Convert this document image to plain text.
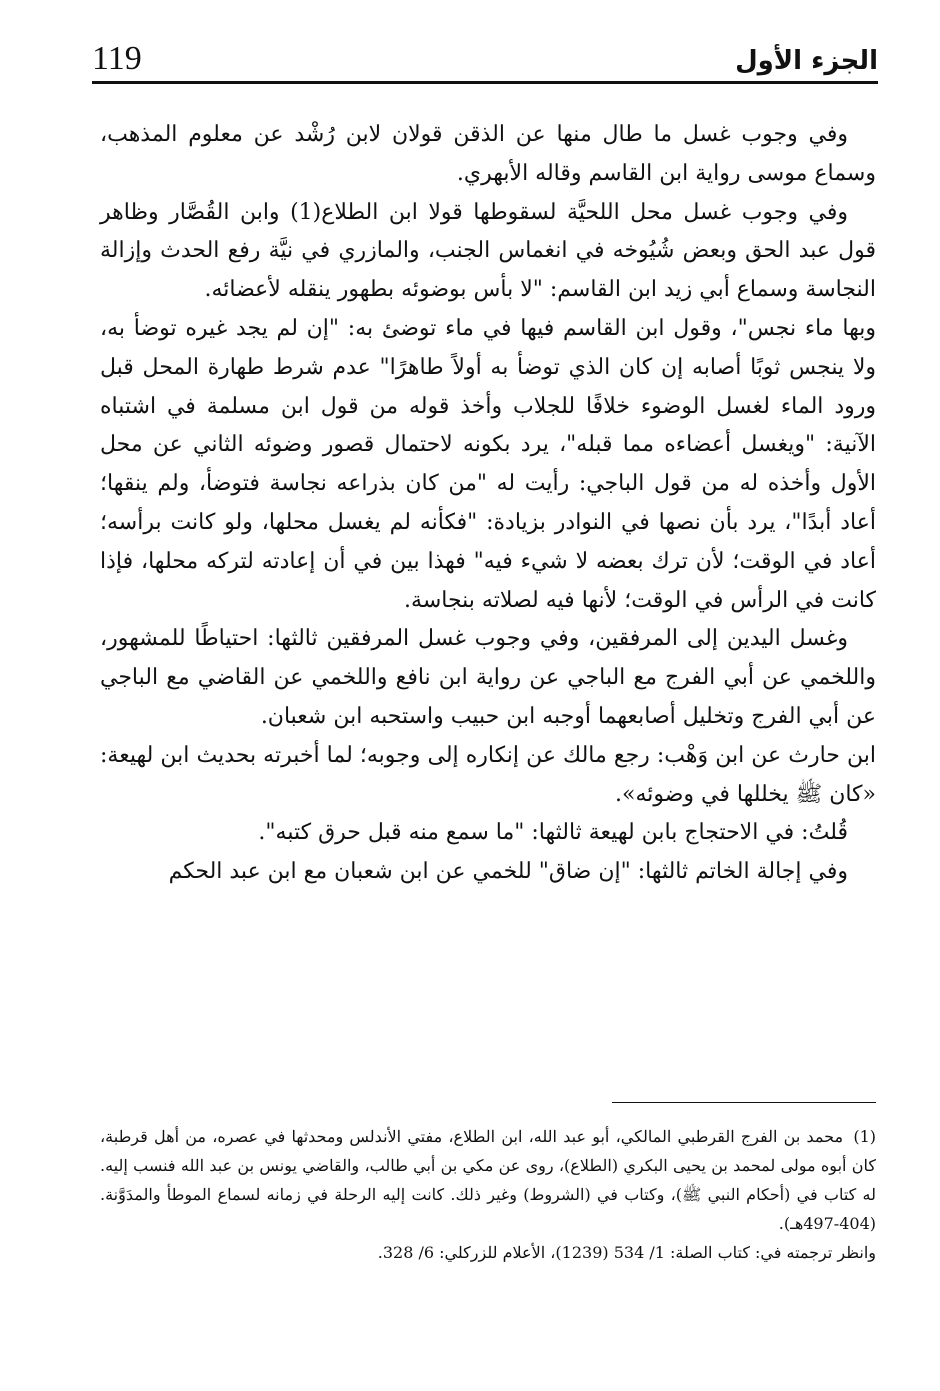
119	الجزء الأول

وفي وجوب غسل ما طال منها عن الذقن قولان لابن رُشْد عن معلوم المذهب، وسماع موسى رواية ابن القاسم وقاله الأبهري.

وفي وجوب غسل محل اللحيَّة لسقوطها قولا ابن الطلاع(1) وابن القُصَّار وظاهر قول عبد الحق وبعض شُيُوخه في انغماس الجنب، والمازري في نيَّة رفع الحدث وإزالة النجاسة وسماع أبي زيد ابن القاسم: "لا بأس بوضوئه بطهور ينقله لأعضائه.

وبها ماء نجس"، وقول ابن القاسم فيها في ماء توضئ به: "إن لم يجد غيره توضأ به، ولا ينجس ثوبًا أصابه إن كان الذي توضأ به أولاً طاهرًا" عدم شرط طهارة المحل قبل ورود الماء لغسل الوضوء خلافًا للجلاب وأخذ قوله من قول ابن مسلمة في اشتباه الآنية: "ويغسل أعضاءه مما قبله"، يرد بكونه لاحتمال قصور وضوئه الثاني عن محل الأول وأخذه له من قول الباجي: رأيت له "من كان بذراعه نجاسة فتوضأ، ولم ينقها؛ أعاد أبدًا"، يرد بأن نصها في النوادر بزيادة: "فكأنه لم يغسل محلها، ولو كانت برأسه؛ أعاد في الوقت؛ لأن ترك بعضه لا شيء فيه" فهذا بين في أن إعادته لتركه محلها، فإذا كانت في الرأس في الوقت؛ لأنها فيه لصلاته بنجاسة.

وغسل اليدين إلى المرفقين، وفي وجوب غسل المرفقين ثالثها: احتياطًا للمشهور، واللخمي عن أبي الفرج مع الباجي عن رواية ابن نافع واللخمي عن القاضي مع الباجي عن أبي الفرج وتخليل أصابعهما أوجبه ابن حبيب واستحبه ابن شعبان.

ابن حارث عن ابن وَهْب: رجع مالك عن إنكاره إلى وجوبه؛ لما أخبرته بحديث ابن لهيعة: «كان ﷺ يخللها في وضوئه».

قُلتُ: في الاحتجاج بابن لهيعة ثالثها: "ما سمع منه قبل حرق كتبه".

وفي إجالة الخاتم ثالثها: "إن ضاق" للخمي عن ابن شعبان مع ابن عبد الحكم

(1) محمد بن الفرج القرطبي المالكي، أبو عبد الله، ابن الطلاع، مفتي الأندلس ومحدثها في عصره، من أهل قرطبة، كان أبوه مولى لمحمد بن يحيى البكري (الطلاع)، روى عن مكي بن أبي طالب، والقاضي يونس بن عبد الله فنسب إليه. له كتاب في (أحكام النبي ﷺ)، وكتاب في (الشروط) وغير ذلك. كانت إليه الرحلة في زمانه لسماع الموطأ والمدَوَّنة. (404-497هـ).

وانظر ترجمته في: كتاب الصلة: 1/ 534 (1239)، الأعلام للزركلي: 6/ 328.
